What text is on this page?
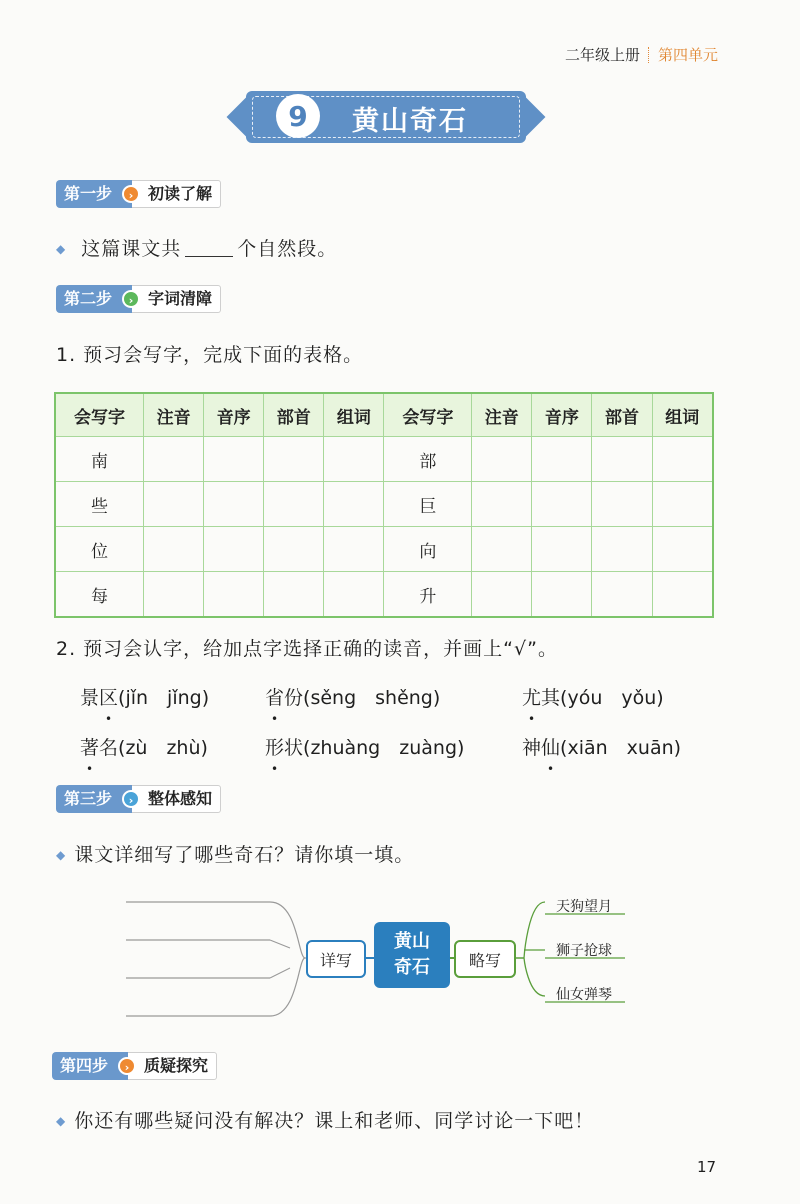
二年级上册 第四单元
9	黄山奇石
第一步	› 初读了解
◆ 这篇课文共	个自然段。
第二步	› 字词清障
1. 预习会写字，完成下面的表格。
会写字	注音	音序	部首	组词	会写字	注音	音序	部首	组词
南					部				
些					巨				
位					向				
每					升				
2. 预习会认字，给加点字选择正确的读音，并画上“√”。
景区(jǐn　jǐng)	省份(sěng　shěng)	尤其(yóu　yǒu)
著名(zù　zhù)	形状(zhuàng　zuàng)	神仙(xiān　xuān)
第三步	› 整体感知
◆ 课文详细写了哪些奇石？请你填一填。
详写
黄山
奇石 略写
天狗望月
狮子抢球
仙女弹琴
第四步	› 质疑探究
◆ 你还有哪些疑问没有解决？课上和老师、同学讨论一下吧！
17
